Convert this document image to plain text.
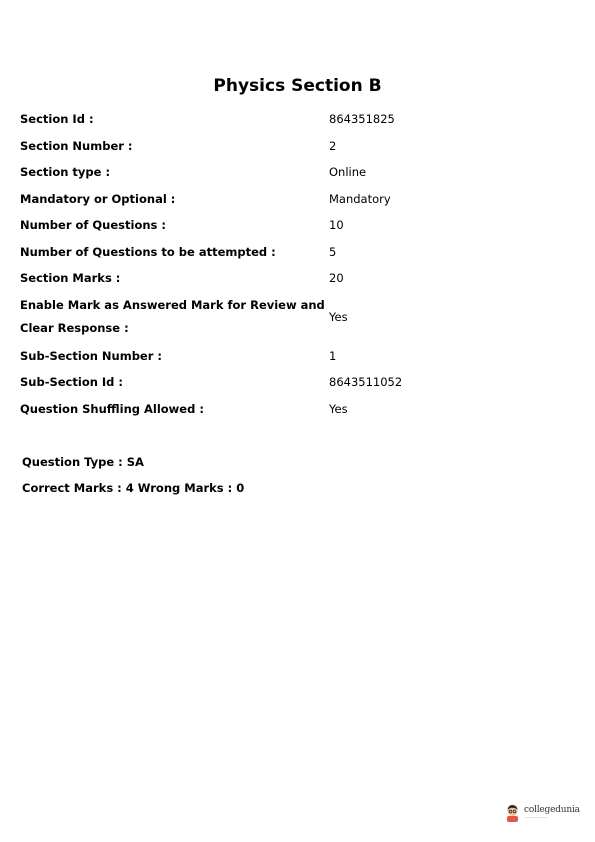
Physics Section B
Section Id :	864351825
Section Number :	2
Section type :	Online
Mandatory or Optional :	Mandatory
Number of Questions :	10
Number of Questions to be attempted :	5
Section Marks :	20
Enable Mark as Answered Mark for Review and Clear Response :	Yes
Sub-Section Number :	1
Sub-Section Id :	8643511052
Question Shuffling Allowed :	Yes
Question Type : SA
Correct Marks : 4 Wrong Marks : 0
collegedunia
————————
